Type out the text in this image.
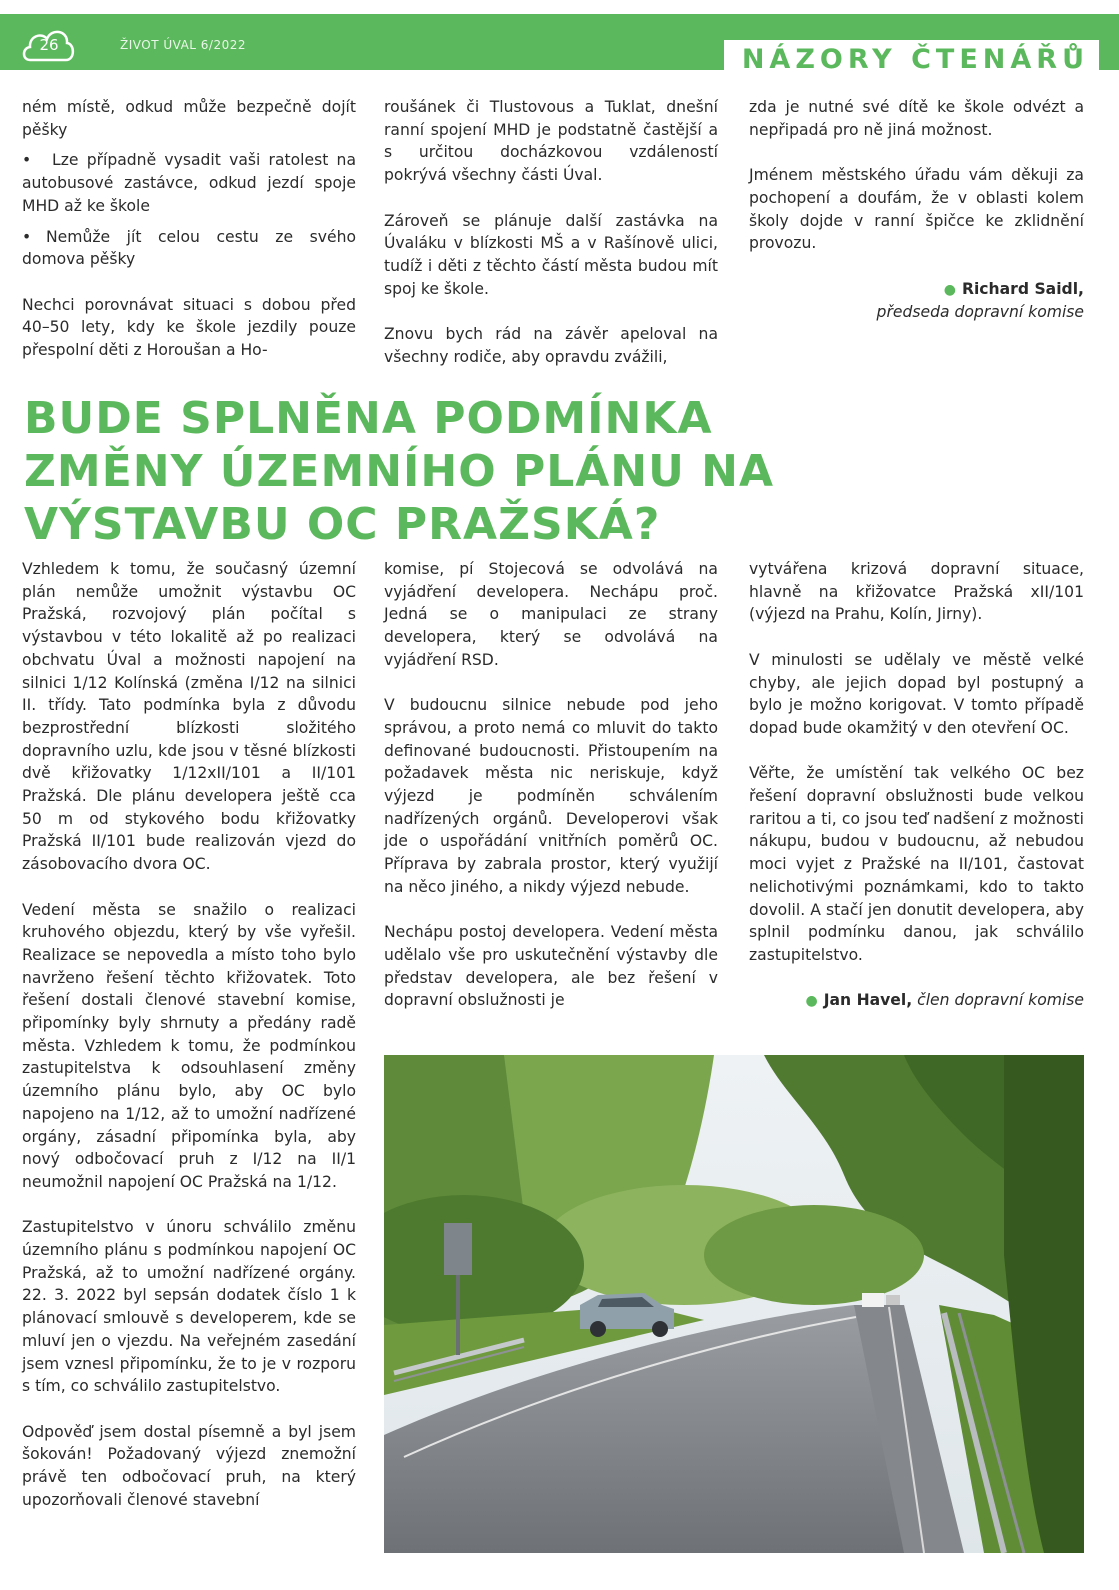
26	ŽIVOT ÚVAL 6/2022	NÁZORY ČTENÁŘŮ

ném místě, odkud může bezpečně dojít pěšky

• Lze případně vysadit vaši ratolest na autobusové zastávce, odkud jezdí spoje MHD až ke škole

• Nemůže jít celou cestu ze svého domova pěšky

Nechci porovnávat situaci s dobou před 40–50 lety, kdy ke škole jezdily pouze přespolní děti z Horoušan a Ho-

roušánek či Tlustovous a Tuklat, dnešní ranní spojení MHD je podstatně častější a s určitou docházkovou vzdáleností pokrývá všechny části Úval.

Zároveň se plánuje další zastávka na Úvaláku v blízkosti MŠ a v Rašínově ulici, tudíž i děti z těchto částí města budou mít spoj ke škole.

Znovu bych rád na závěr apeloval na všechny rodiče, aby opravdu zvážili,

zda je nutné své dítě ke škole odvézt a nepřipadá pro ně jiná možnost.

Jménem městského úřadu vám děkuji za pochopení a doufám, že v oblasti kolem školy dojde v ranní špičce ke zklidnění provozu.

● Richard Saidl,
předseda dopravní komise
BUDE SPLNĚNA PODMÍNKA ZMĚNY ÚZEMNÍHO PLÁNU NA VÝSTAVBU OC PRAŽSKÁ?

Vzhledem k tomu, že současný územní plán nemůže umožnit výstavbu OC Pražská, rozvojový plán počítal s výstavbou v této lokalitě až po realizaci obchvatu Úval a možnosti napojení na silnici 1/12 Kolínská (změna I/12 na silnici II. třídy. Tato podmínka byla z důvodu bezprostřední blízkosti složitého dopravního uzlu, kde jsou v těsné blízkosti dvě křižovatky 1/12xII/101 a II/101 Pražská. Dle plánu developera ještě cca 50 m od stykového bodu křižovatky Pražská II/101 bude realizován vjezd do zásobovacího dvora OC.

Vedení města se snažilo o realizaci kruhového objezdu, který by vše vyřešil. Realizace se nepovedla a místo toho bylo navrženo řešení těchto křižovatek. Toto řešení dostali členové stavební komise, připomínky byly shrnuty a předány radě města. Vzhledem k tomu, že podmínkou zastupitelstva k odsouhlasení změny územního plánu bylo, aby OC bylo napojeno na 1/12, až to umožní nadřízené orgány, zásadní připomínka byla, aby nový odbočovací pruh z I/12 na II/1 neumožnil napojení OC Pražská na 1/12.

Zastupitelstvo v únoru schválilo změnu územního plánu s podmínkou napojení OC Pražská, až to umožní nadřízené orgány. 22. 3. 2022 byl sepsán dodatek číslo 1 k plánovací smlouvě s developerem, kde se mluví jen o vjezdu. Na veřejném zasedání jsem vznesl připomínku, že to je v rozporu s tím, co schválilo zastupitelstvo.

Odpověď jsem dostal písemně a byl jsem šokován! Požadovaný výjezd znemožní právě ten odbočovací pruh, na který upozorňovali členové stavební

komise, pí Stojecová se odvolává na vyjádření developera. Nechápu proč. Jedná se o manipulaci ze strany developera, který se odvolává na vyjádření RSD.

V budoucnu silnice nebude pod jeho správou, a proto nemá co mluvit do takto definované budoucnosti. Přistoupením na požadavek města nic neriskuje, když výjezd je podmíněn schválením nadřízených orgánů. Developerovi však jde o uspořádání vnitřních poměrů OC. Příprava by zabrala prostor, který využijí na něco jiného, a nikdy výjezd nebude.

Nechápu postoj developera. Vedení města udělalo vše pro uskutečnění výstavby dle představ developera, ale bez řešení v dopravní obslužnosti je

vytvářena krizová dopravní situace, hlavně na křižovatce Pražská xII/101 (výjezd na Prahu, Kolín, Jirny).

V minulosti se udělaly ve městě velké chyby, ale jejich dopad byl postupný a bylo je možno korigovat. V tomto případě dopad bude okamžitý v den otevření OC.

Věřte, že umístění tak velkého OC bez řešení dopravní obslužnosti bude velkou raritou a ti, co jsou teď nadšení z možnosti nákupu, budou v budoucnu, až nebudou moci vyjet z Pražské na II/101, častovat nelichotivými poznámkami, kdo to takto dovolil. A stačí jen donutit developera, aby splnil podmínku danou, jak schválilo zastupitelstvo.

● Jan Havel, člen dopravní komise
